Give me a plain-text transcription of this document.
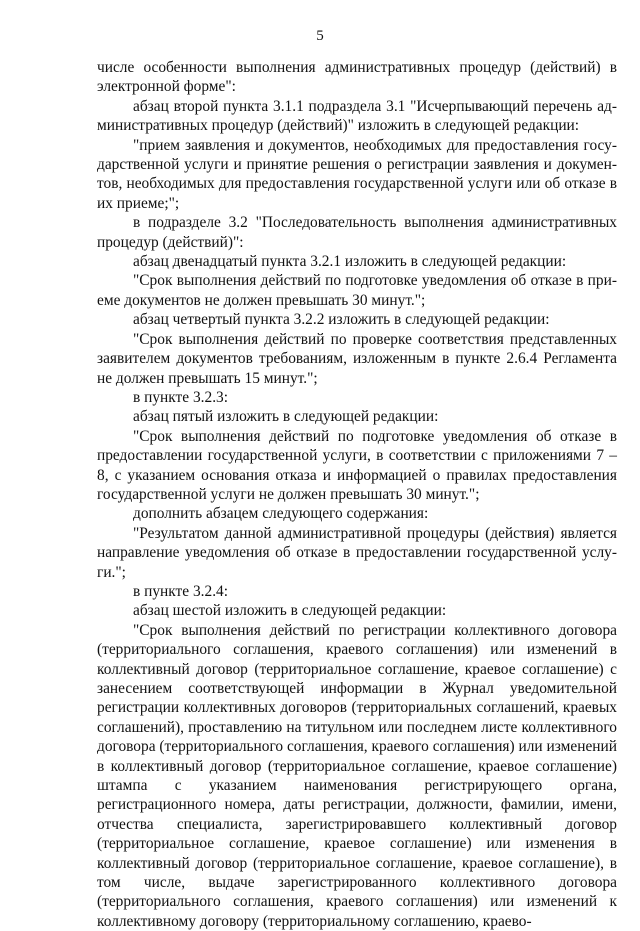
5

числе особенности выполнения административных процедур (действий) в электронной форме":

абзац второй пункта 3.1.1 подраздела 3.1 "Исчерпывающий перечень административных процедур (действий)" изложить в следующей редакции:

"прием заявления и документов, необходимых для предоставления государственной услуги и принятие решения о регистрации заявления и документов, необходимых для предоставления государственной услуги или об отказе в их приеме;";

в подразделе 3.2 "Последовательность выполнения административных процедур (действий)":

абзац двенадцатый пункта 3.2.1 изложить в следующей редакции:

"Срок выполнения действий по подготовке уведомления об отказе в приеме документов не должен превышать 30 минут.";

абзац четвертый пункта 3.2.2 изложить в следующей редакции:

"Срок выполнения действий по проверке соответствия представленных заявителем документов требованиям, изложенным в пункте 2.6.4 Регламента не должен превышать 15 минут.";

в пункте 3.2.3:

абзац пятый изложить в следующей редакции:

"Срок выполнения действий по подготовке уведомления об отказе в предоставлении государственной услуги, в соответствии с приложениями 7 – 8, с указанием основания отказа и информацией о правилах предоставления государственной услуги не должен превышать 30 минут.";

дополнить абзацем следующего содержания:

"Результатом данной административной процедуры (действия) является направление уведомления об отказе в предоставлении государственной услуги.";

в пункте 3.2.4:

абзац шестой изложить в следующей редакции:

"Срок выполнения действий по регистрации коллективного договора (территориального соглашения, краевого соглашения) или изменений в коллективный договор (территориальное соглашение, краевое соглашение) с занесением соответствующей информации в Журнал уведомительной регистрации коллективных договоров (территориальных соглашений, краевых соглашений), проставлению на титульном или последнем листе коллективного договора (территориального соглашения, краевого соглашения) или изменений в коллективный договор (территориальное соглашение, краевое соглашение) штампа с указанием наименования регистрирующего органа, регистрационного номера, даты регистрации, должности, фамилии, имени, отчества специалиста, зарегистрировавшего коллективный договор (территориальное соглашение, краевое соглашение) или изменения в коллективный договор (территориальное соглашение, краевое соглашение), в том числе, выдаче зарегистрированного коллективного договора (территориального соглашения, краевого соглашения) или изменений к коллективному договору (территориальному соглашению, краево-
